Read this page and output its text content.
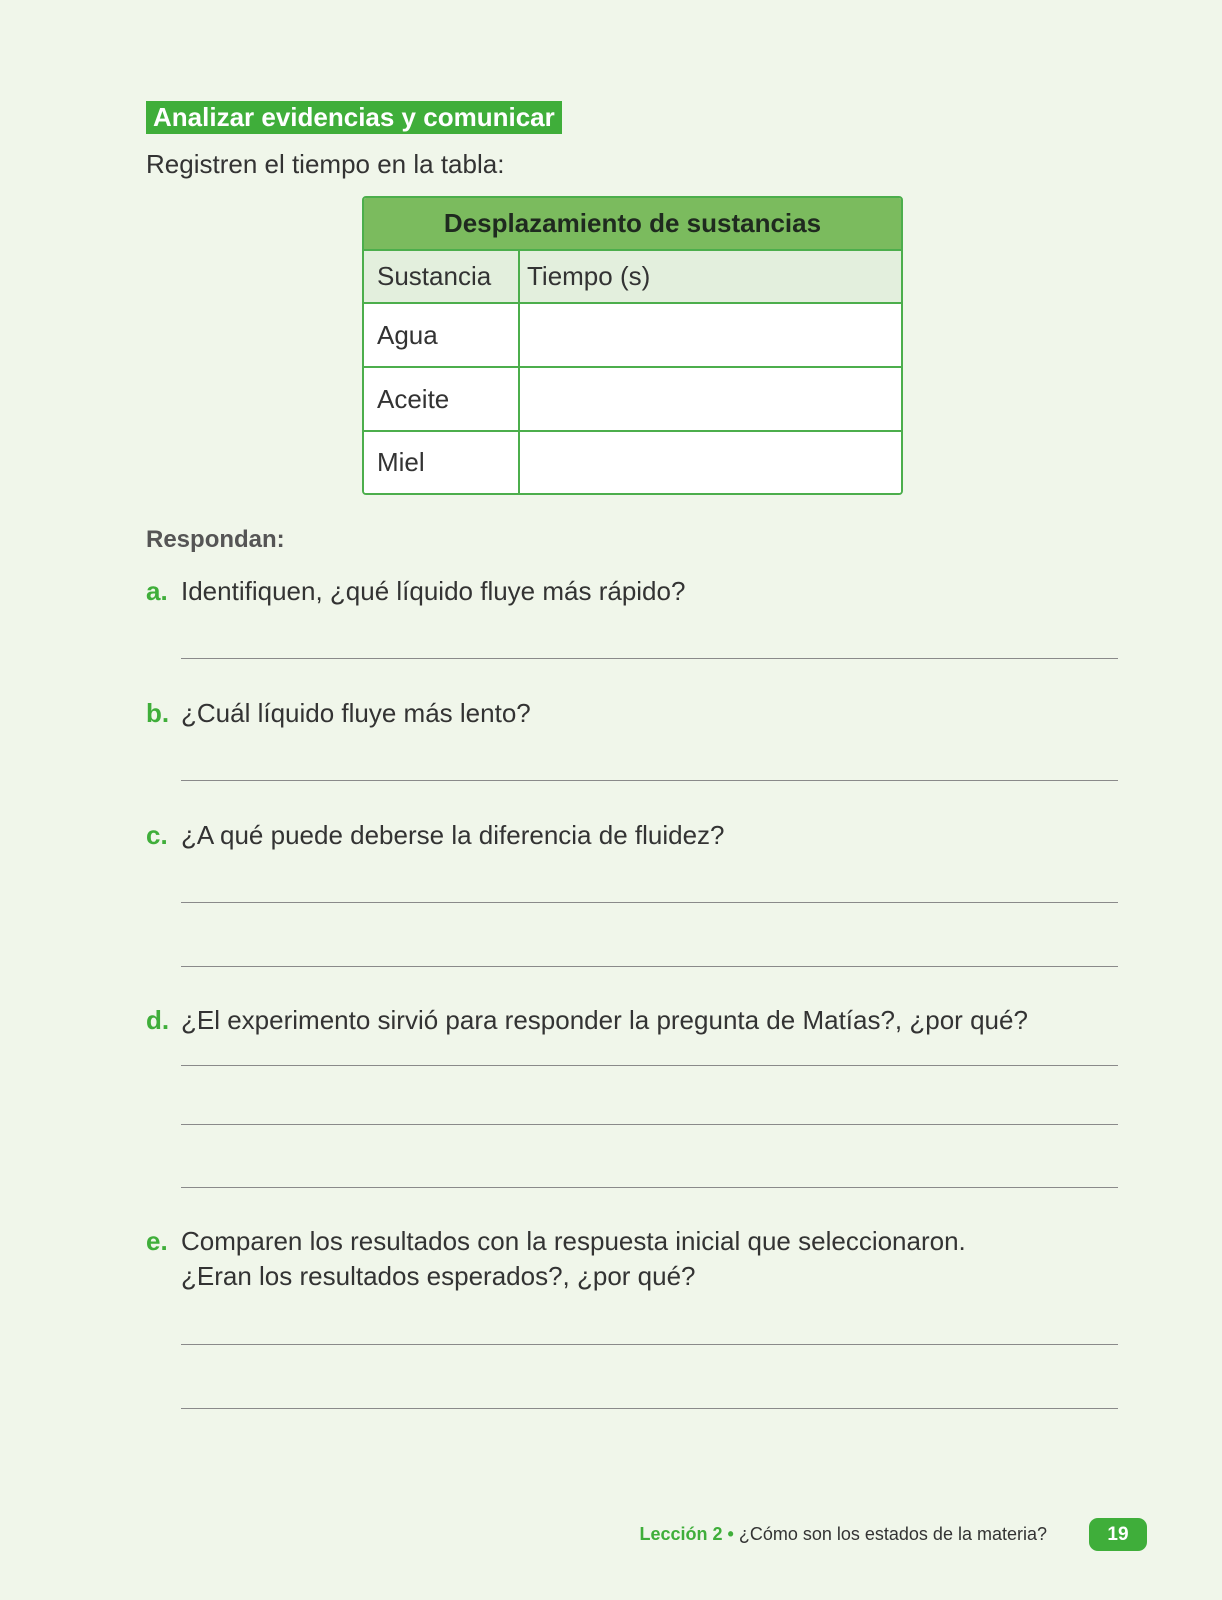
Analizar evidencias y comunicar
Registren el tiempo en la tabla:
Desplazamiento de sustancias
Sustancia	Tiempo (s)
Agua
Aceite
Miel
Respondan:
a. Identifiquen, ¿qué líquido fluye más rápido?
b. ¿Cuál líquido fluye más lento?
c. ¿A qué puede deberse la diferencia de fluidez?
d. ¿El experimento sirvió para responder la pregunta de Matías?, ¿por qué?
e. Comparen los resultados con la respuesta inicial que seleccionaron.
¿Eran los resultados esperados?, ¿por qué?
Lección 2 • ¿Cómo son los estados de la materia?	19
